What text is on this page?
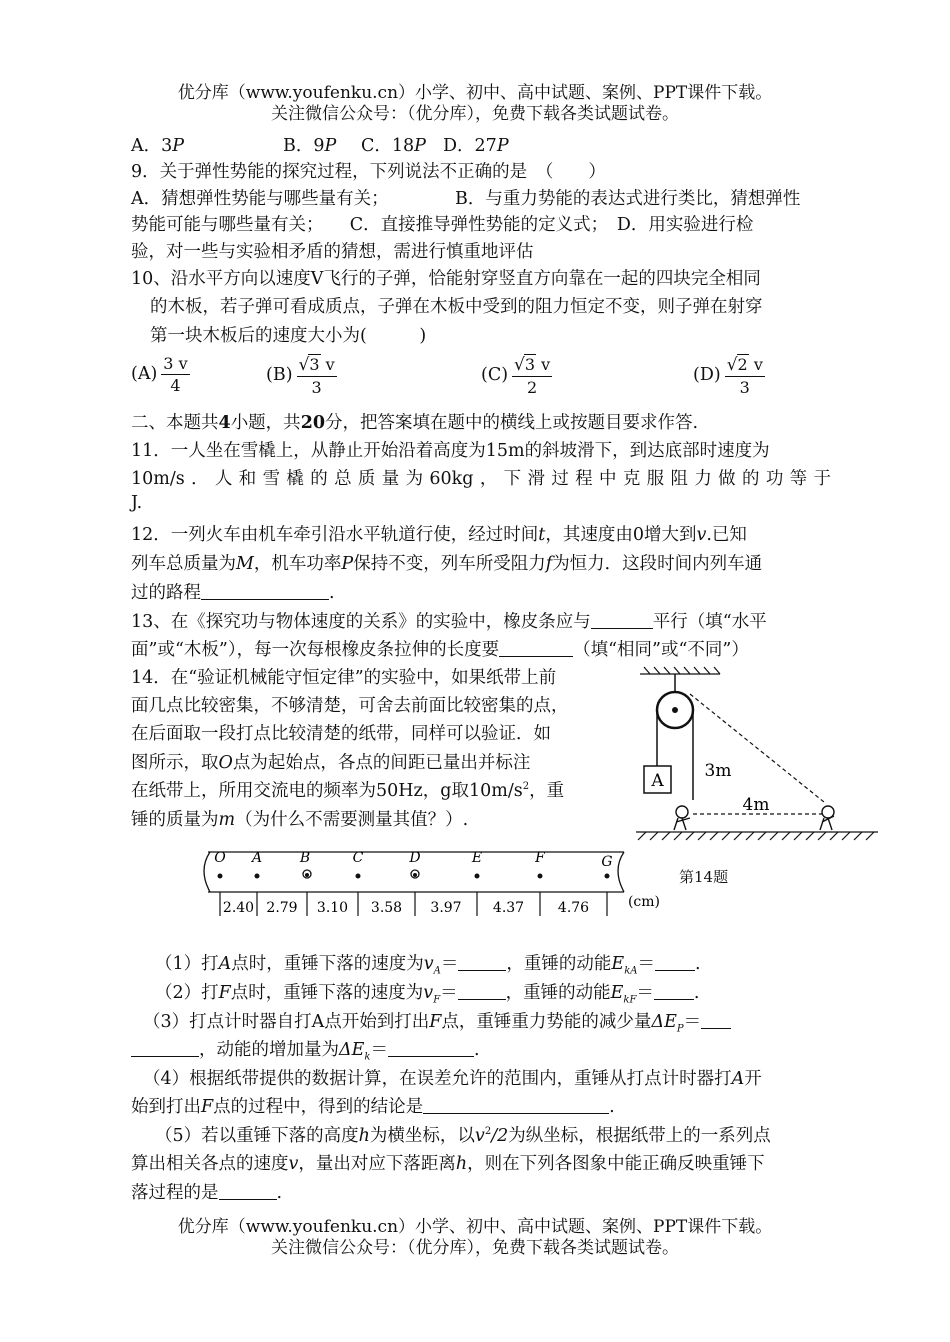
优分库（www.youfenku.cn）小学、初中、高中试题、案例、PPT课件下载。
关注微信公众号：（优分库），免费下载各类试题试卷。
A．3P	B．9P C．18P D．27P
9．关于弹性势能的探究过程，下列说法不正确的是　（　　）
A．猜想弹性势能与哪些量有关；	B．与重力势能的表达式进行类比，猜想弹性
势能可能与哪些量有关；　　C．直接推导弹性势能的定义式；　D．用实验进行检
验，对一些与实验相矛盾的猜想，需进行慎重地评估
10、沿水平方向以速度V飞行的子弹，恰能射穿竖直方向靠在一起的四块完全相同
的木板，若子弹可看成质点，子弹在木板中受到的阻力恒定不变，则子弹在射穿
第一块木板后的速度大小为(　　　)
$(A) \frac{3 v}{4}$	$(B) \frac{√3 v}{3}$	$(C) \frac{√3 v}{2}$	$(D) \frac{√2 v}{3}$
二、本题共4小题，共20分，把答案填在题中的横线上或按题目要求作答.
11．一人坐在雪橇上，从静止开始沿着高度为15m的斜坡滑下，到达底部时速度为
10m/s．人和雪橇的总质量为60kg，下滑过程中克服阻力做的功等于
J.
12．一列火车由机车牵引沿水平轨道行使，经过时间t，其速度由0增大到v.已知
列车总质量为M，机车功率P保持不变，列车所受阻力f为恒力．这段时间内列车通
过的路程	.
13、在《探究功与物体速度的关系》的实验中，橡皮条应与	平行（填“水平
面”或“木板”），每一次每根橡皮条拉伸的长度要	（填“相同”或“不同”）
14．在“验证机械能守恒定律”的实验中，如果纸带上前
面几点比较密集，不够清楚，可舍去前面比较密集的点，
在后面取一段打点比较清楚的纸带，同样可以验证．如
图所示，取O点为起始点，各点的间距已量出并标注
在纸带上，所用交流电的频率为50Hz，g取$10m/s^2$，重
锤的质量为m（为什么不需要测量其值？）.
A 3m
4m
O A	B	C	D	E	F	G
2.40 2.79 3.10 3.58 3.97 4.37 4.76	(cm)
第14题
（1）打A点时，重锤下落的速度为$v_A=$	，重锤的动能$E_{kA}=$ .
（2）打F点时，重锤下落的速度为$v_F=$	，重锤的动能$E_{kF}=$ .
（3）打点计时器自打A点开始到打出F点，重锤重力势能的减少量$\Delta E_P=$
，动能的增加量为$\Delta E_k=$	.
（4）根据纸带提供的数据计算，在误差允许的范围内，重锤从打点计时器打A开
始到打出F点的过程中，得到的结论是	.
（5）若以重锤下落的高度h为横坐标，以$v^2/2$为纵坐标，根据纸带上的一系列点
算出相关各点的速度v，量出对应下落距离h，则在下列各图象中能正确反映重锤下
落过程的是	.
优分库（www.youfenku.cn）小学、初中、高中试题、案例、PPT课件下载。
关注微信公众号：（优分库），免费下载各类试题试卷。
